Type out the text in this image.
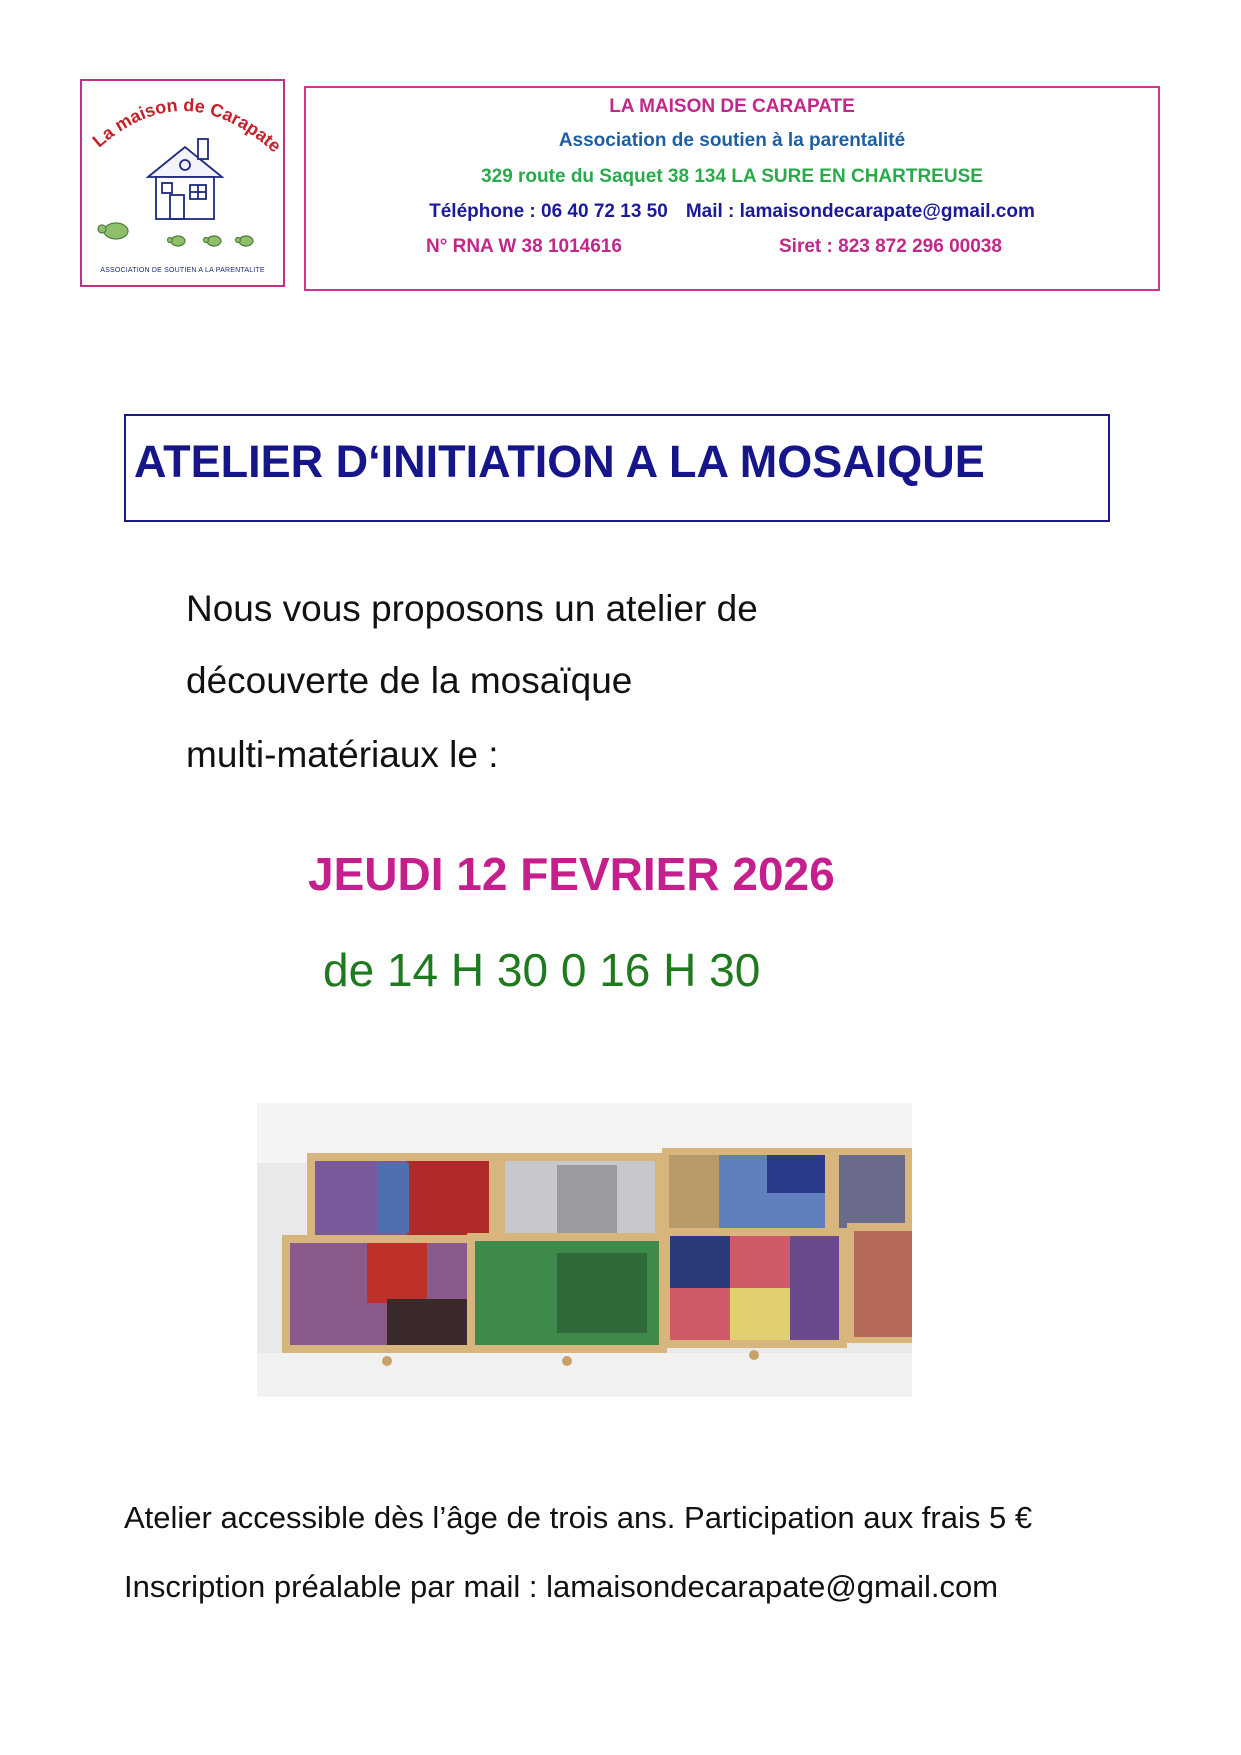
La maison de Carapate
ASSOCIATION DE SOUTIEN A LA PARENTALITE
LA MAISON DE CARAPATE
Association de soutien à la parentalité
329 route du Saquet 38 134 LA SURE EN CHARTREUSE
Téléphone : 06 40 72 13 50 Mail : lamaisondecarapate@gmail.com
N° RNA W 38 1014616	Siret : 823 872 296 00038
ATELIER D‘INITIATION A LA MOSAIQUE
Nous vous proposons un atelier de
découverte de la mosaïque
multi-matériaux le :
JEUDI 12 FEVRIER 2026
de 14 H 30 0 16 H 30
Atelier accessible dès l’âge de trois ans. Participation aux frais 5 €
Inscription préalable par mail : lamaisondecarapate@gmail.com
